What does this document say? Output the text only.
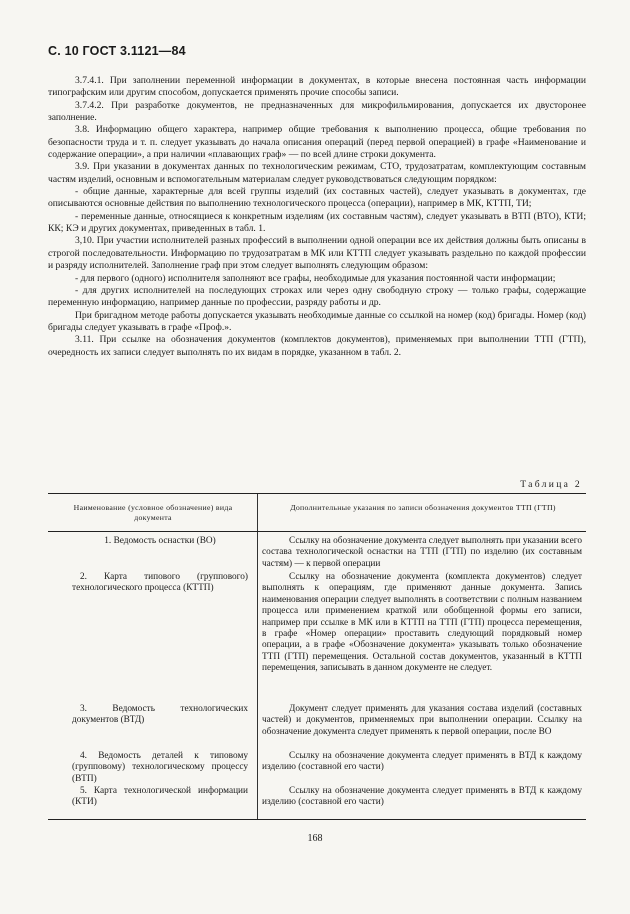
С. 10 ГОСТ 3.1121—84

3.7.4.1. При заполнении переменной информации в документах, в которые внесена постоянная часть информации типографским или другим способом, допускается применять прочие способы записи.

3.7.4.2. При разработке документов, не предназначенных для микрофильмирования, допускается их двусторонее заполнение.

3.8. Информацию общего характера, например общие требования к выполнению процесса, общие требования по безопасности труда и т. п. следует указывать до начала описания операций (перед первой операцией) в графе «Наименование и содержание операции», а при наличии «плавающих граф» — по всей длине строки документа.

3.9. При указании в документах данных по технологическим режимам, СТО, трудозатратам, комплектующим составным частям изделий, основным и вспомогательным материалам следует руководствоваться следующим порядком:

- общие данные, характерные для всей группы изделий (их составных частей), следует указывать в документах, где описываются основные действия по выполнению технологического процесса (операции), например в МК, КТТП, ТИ;

- переменные данные, относящиеся к конкретным изделиям (их составным частям), следует указывать в ВТП (ВТО), КТИ; КК; КЭ и других документах, приведенных в табл. 1.

3,10. При участии исполнителей разных профессий в выполнении одной операции все их действия должны быть описаны в строгой последовательности. Информацию по трудозатратам в МК или КТТП следует указывать раздельно по каждой профессии и разряду исполнителей. Заполнение граф при этом следует выполнять следующим образом:

- для первого (одного) исполнителя заполняют все графы, необходимые для указания постоянной части информации;

- для других исполнителей на последующих строках или через одну свободную строку — только графы, содержащие переменную информацию, например данные по профессии, разряду работы и др.

При бригадном методе работы допускается указывать необходимые данные со ссылкой на номер (код) бригады. Номер (код) бригады следует указывать в графе «Проф.».

3.11. При ссылке на обозначения документов (комплектов документов), применяемых при выполнении ТТП (ГТП), очередность их записи следует выполнять по их видам в порядке, указанном в табл. 2.

Таблица 2
Наименование (условное обозначение) вида документа
Дополнительные указания по записи обозначения документов ТТП (ГТП)
1. Ведомость оснастки (ВО)	Ссылку на обозначение документа следует выполнять при указании всего состава технологической оснастки на ТТП (ГТП) по изделию (их составным частям) — к первой операции
2. Карта типового (группового) технологического процесса (КТТП)
Ссылку на обозначение документа (комплекта документов) следует выполнять к операциям, где применяют данные документа. Запись наименования операции следует выполнять в соответствии с полным названием процесса или применением краткой или обобщенной формы его записи, например при ссылке в МК или в КТТП на ТТП (ГТП) процесса перемещения, в графе «Номер операции» проставить следующий порядковый номер операции, а в графе «Обозначение документа» указывать только обозначение ТТП (ГТП) перемещения. Остальной состав документов, указанный в КТТП перемещения, записывать в данном документе не следует.
3. Ведомость технологических документов (ВТД)
Документ следует применять для указания состава изделий (составных частей) и документов, применяемых при выполнении операции. Ссылку на обозначение документа следует применять к первой операции, после ВО
4. Ведомость деталей к типовому (групповому) технологическому процессу (ВТП)
Ссылку на обозначение документа следует применять в ВТД к каждому изделию (составной его части)
5. Карта технологической информации (КТИ)
Ссылку на обозначение документа следует применять в ВТД к каждому изделию (составной его части)
168
